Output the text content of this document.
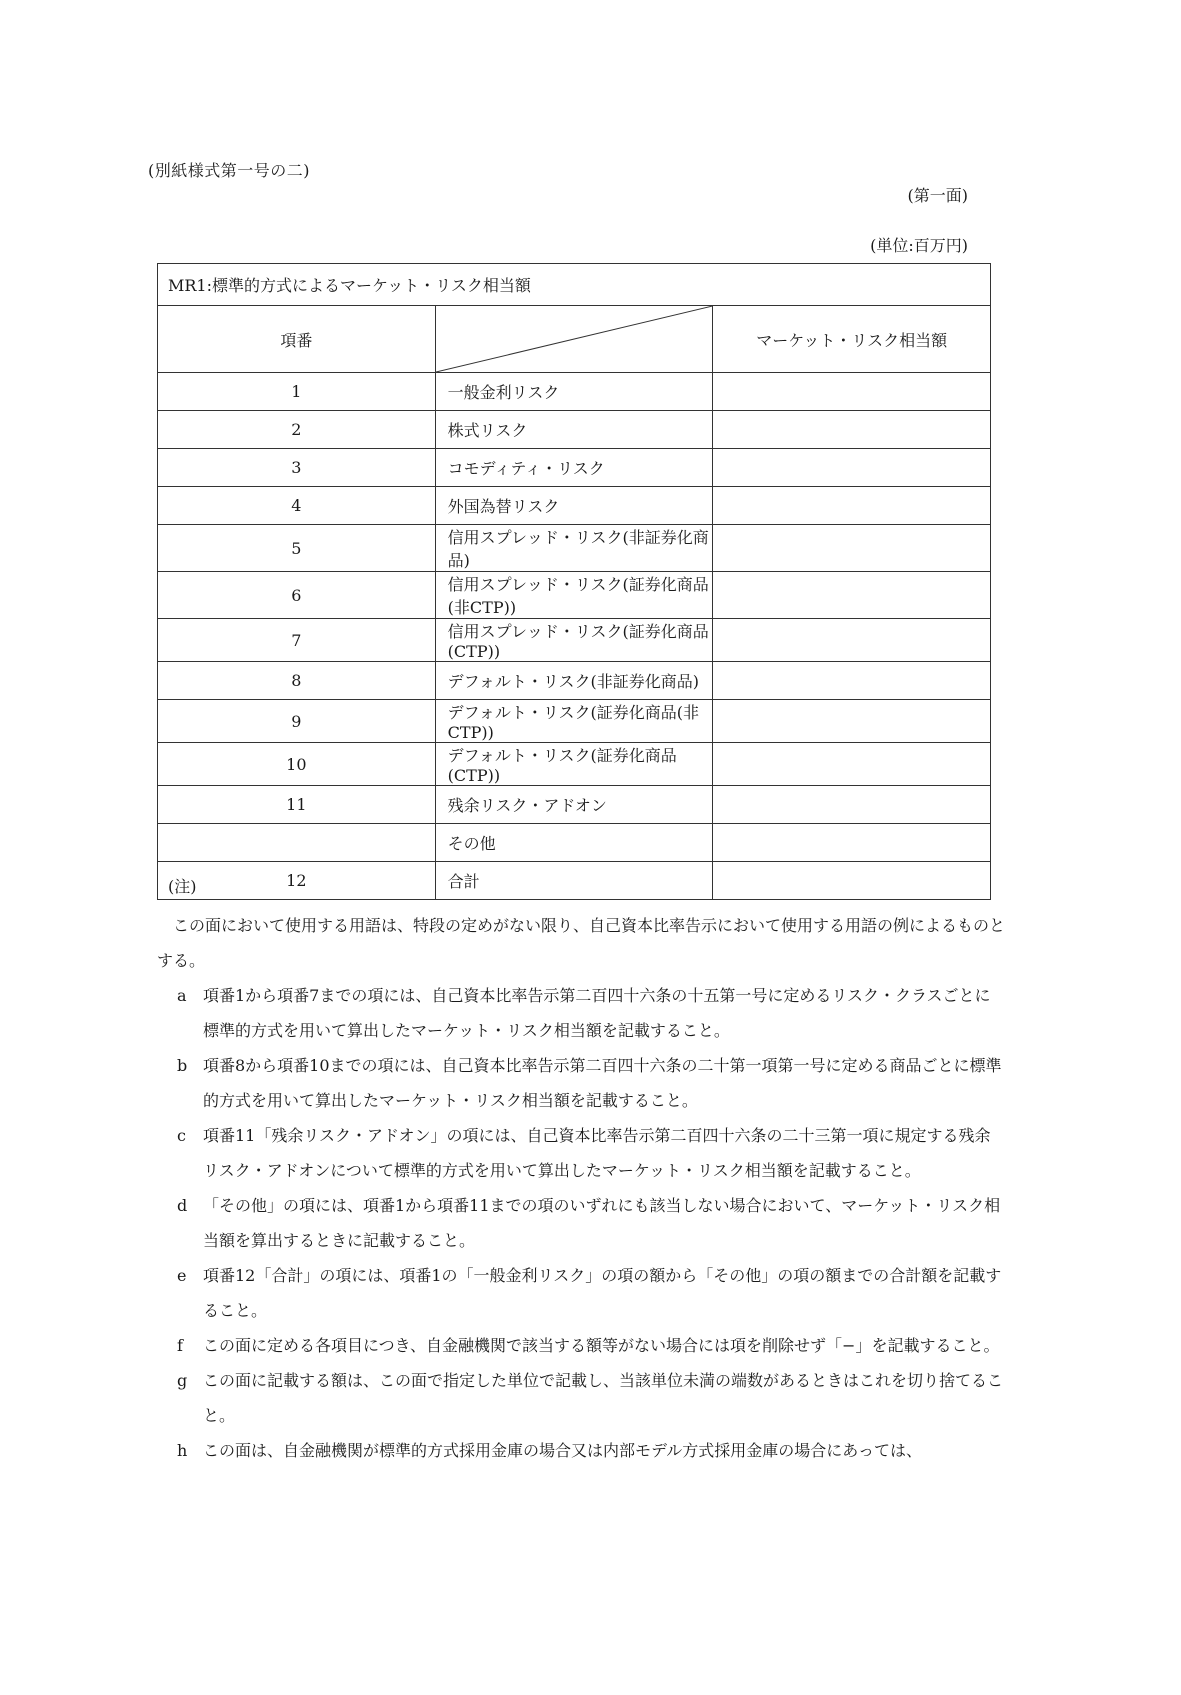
(別紙様式第一号の二)
(第一面)
(単位:百万円)
MR1:標準的方式によるマーケット・リスク相当額		
項番		マーケット・リスク相当額
1	一般金利リスク	
2	株式リスク	
3	コモディティ・リスク	
4	外国為替リスク	
5	信用スプレッド・リスク(非証券化商品)	
6	信用スプレッド・リスク(証券化商品(非CTP))	
7	信用スプレッド・リスク(証券化商品(CTP))	
8	デフォルト・リスク(非証券化商品)	
9	デフォルト・リスク(証券化商品(非CTP))	
10	デフォルト・リスク(証券化商品(CTP))	
11	残余リスク・アドオン	
	その他	
12	合計	
(注)

この面において使用する用語は、特段の定めがない限り、自己資本比率告示において使用する用語の例によるものとする。

a	項番1から項番7までの項には、自己資本比率告示第二百四十六条の十五第一号に定めるリスク・クラスごとに標準的方式を用いて算出したマーケット・リスク相当額を記載すること。
b 項番8から項番10までの項には、自己資本比率告示第二百四十六条の二十第一項第一号に定める商品ごとに標準的方式を用いて算出したマーケット・リスク相当額を記載すること。
c	項番11「残余リスク・アドオン」の項には、自己資本比率告示第二百四十六条の二十三第一項に規定する残余リスク・アドオンについて標準的方式を用いて算出したマーケット・リスク相当額を記載すること。
d 「その他」の項には、項番1から項番11までの項のいずれにも該当しない場合において、マーケット・リスク相当額を算出するときに記載すること。
e	項番12「合計」の項には、項番1の「一般金利リスク」の項の額から「その他」の項の額までの合計額を記載すること。
f	この面に定める各項目につき、自金融機関で該当する額等がない場合には項を削除せず「−」を記載すること。
g この面に記載する額は、この面で指定した単位で記載し、当該単位未満の端数があるときはこれを切り捨てること。
h この面は、自金融機関が標準的方式採用金庫の場合又は内部モデル方式採用金庫の場合にあっては、
